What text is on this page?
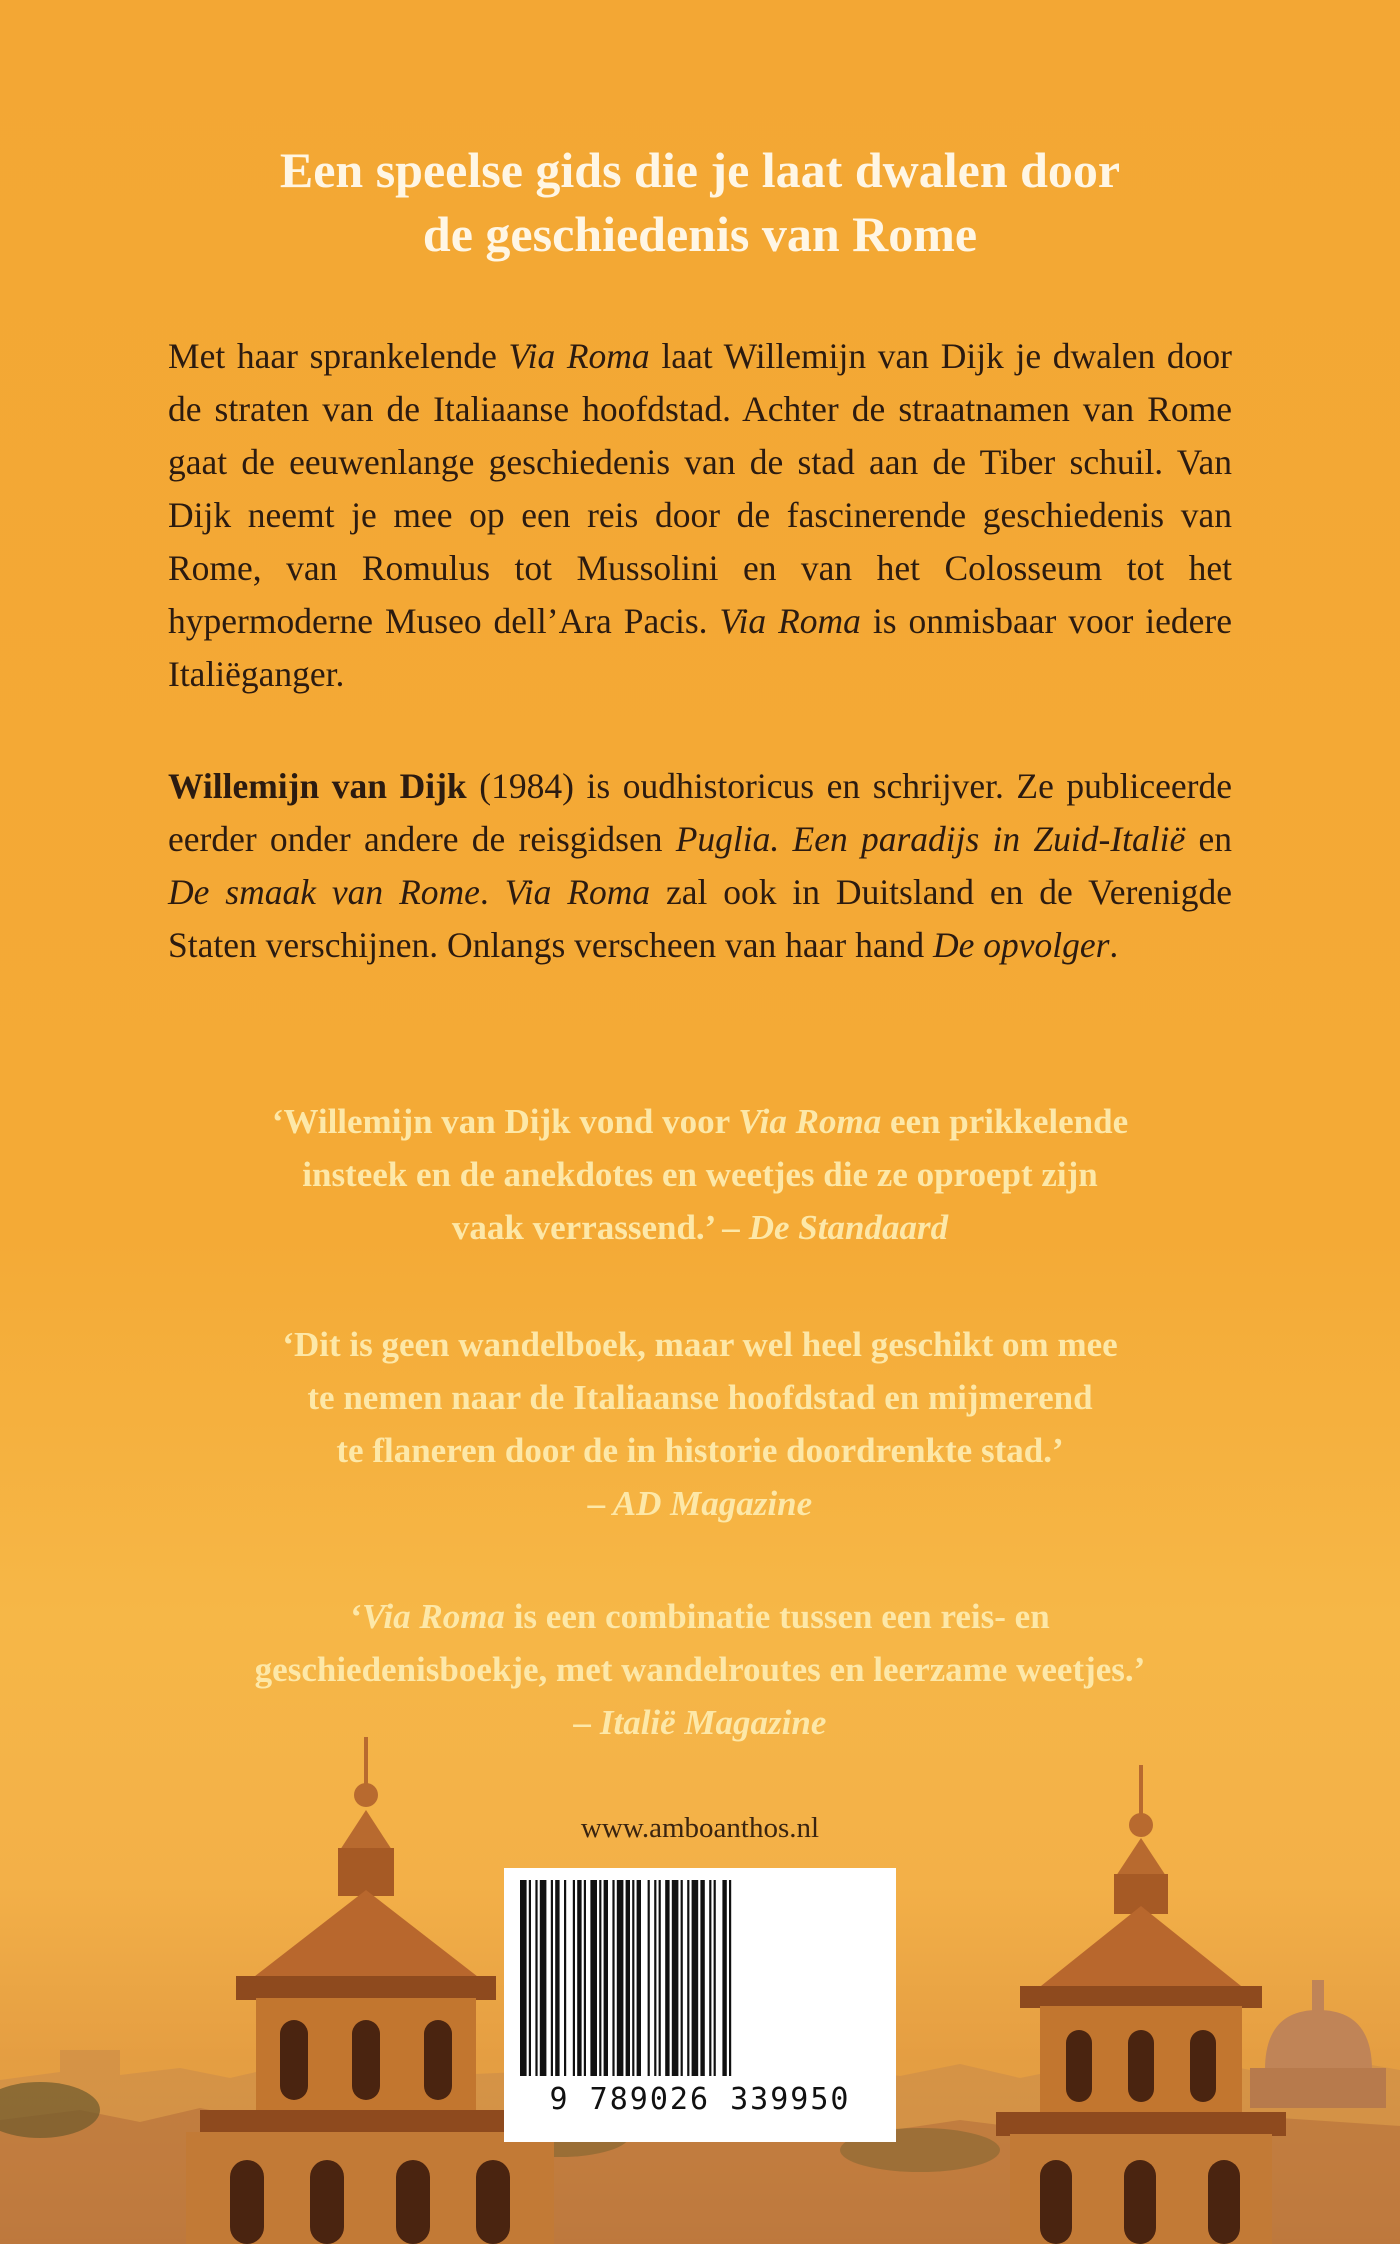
Een speelse gids die je laat dwalen door
de geschiedenis van Rome
Met haar sprankelende Via Roma laat Willemijn van Dijk je dwalen door de straten van de Italiaanse hoofdstad. Achter de straatnamen van Rome gaat de eeuwenlange geschiedenis van de stad aan de Tiber schuil. Van Dijk neemt je mee op een reis door de fascinerende geschiedenis van Rome, van Romulus tot Mussolini en van het Colosseum tot het hypermoderne Museo dell’Ara Pacis. Via Roma is onmisbaar voor iedere Italiëganger.
Willemijn van Dijk (1984) is oudhistoricus en schrijver. Ze publiceerde eerder onder andere de reisgidsen Puglia. Een paradijs in Zuid-Italië en De smaak van Rome. Via Roma zal ook in Duitsland en de Verenigde Staten verschijnen. Onlangs verscheen van haar hand De opvolger.
‘Willemijn van Dijk vond voor Via Roma een prikkelende
insteek en de anekdotes en weetjes die ze oproept zijn
vaak verrassend.’ – De Standaard
‘Dit is geen wandelboek, maar wel heel geschikt om mee
te nemen naar de Italiaanse hoofdstad en mijmerend
te flaneren door de in historie doordrenkte stad.’
– AD Magazine
‘Via Roma is een combinatie tussen een reis- en
geschiedenisboekje, met wandelroutes en leerzame weetjes.’
– Italië Magazine
www.amboanthos.nl
9 789026 339950
